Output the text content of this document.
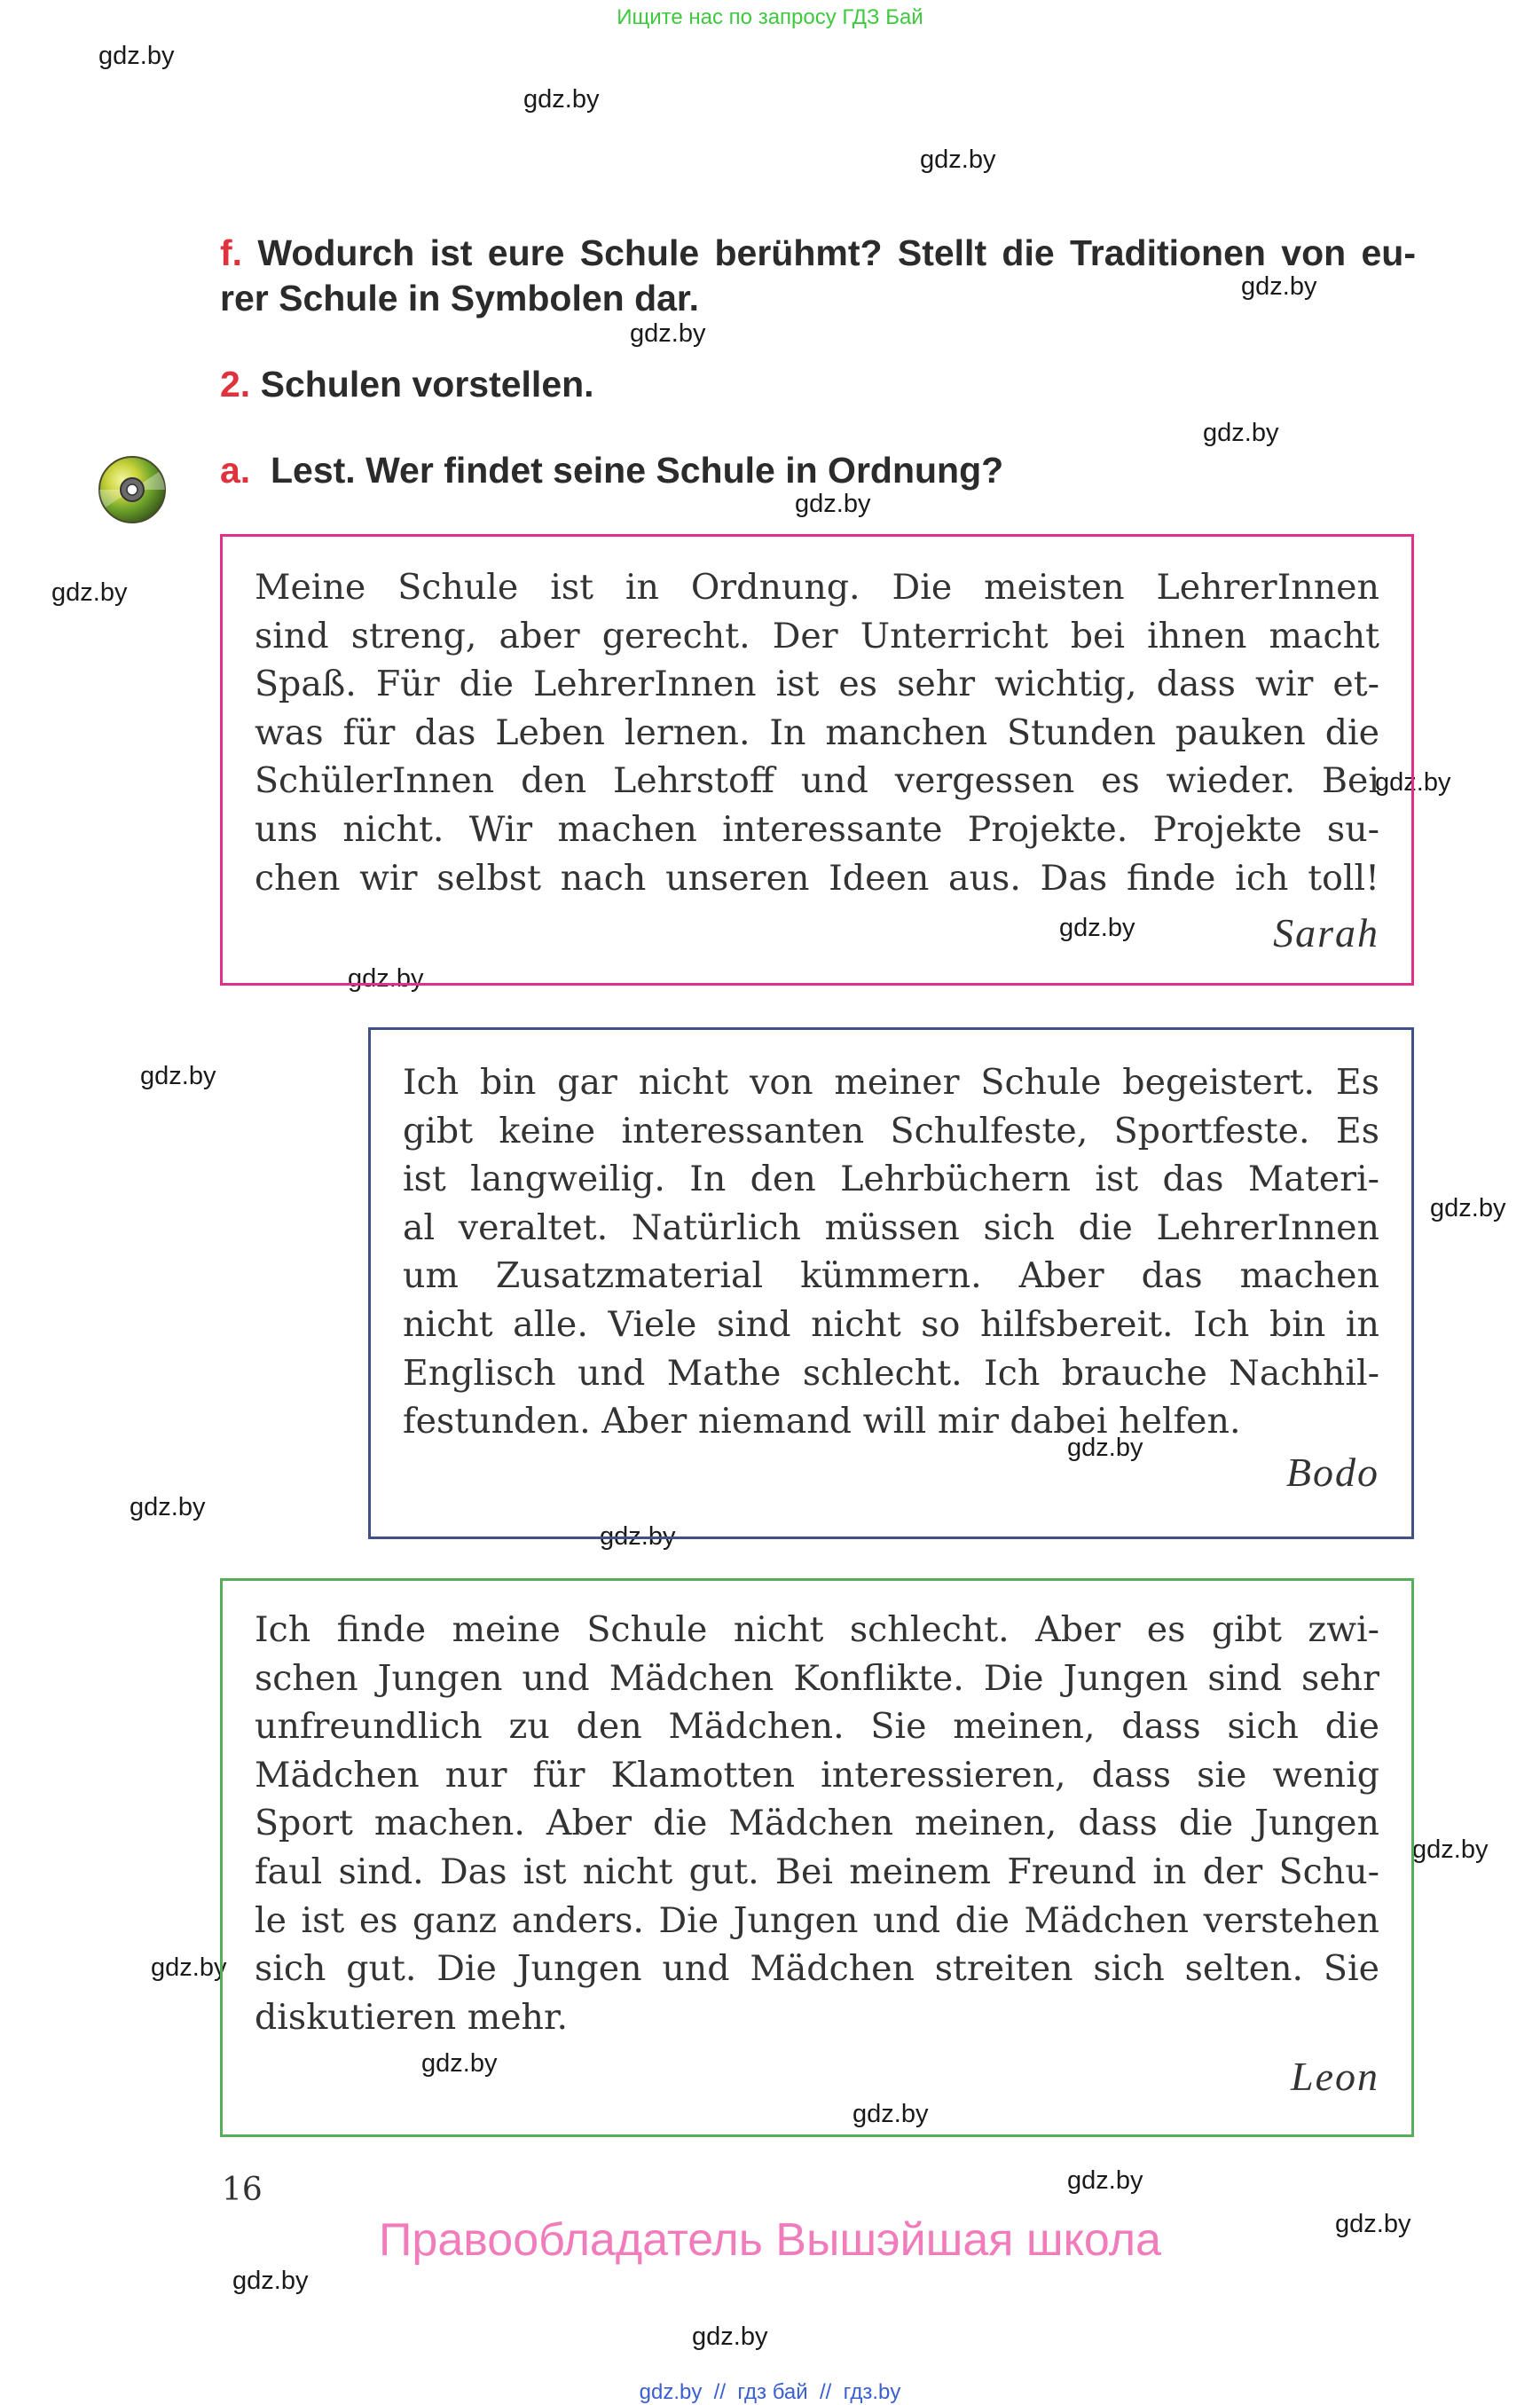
Ищите нас по запросу ГДЗ Бай
gdz.by
gdz.by
gdz.by
gdz.by
gdz.by
gdz.by
gdz.by
gdz.by
gdz.by
gdz.by
gdz.by
gdz.by
gdz.by
gdz.by
gdz.by
gdz.by
gdz.by
gdz.by
gdz.by
gdz.by
gdz.by
gdz.by
gdz.by
gdz.by
f. Wodurch ist eure Schule berühmt? Stellt die Traditionen von eu-
rer Schule in Symbolen dar.
2. Schulen vorstellen.
a. Lest. Wer findet seine Schule in Ordnung?
Meine Schule ist in Ordnung. Die meisten LehrerInnen
sind streng, aber gerecht. Der Unterricht bei ihnen macht
Spaß. Für die LehrerInnen ist es sehr wichtig, dass wir et-
was für das Leben lernen. In manchen Stunden pauken die
SchülerInnen den Lehrstoff und vergessen es wieder. Bei
uns nicht. Wir machen interessante Projekte. Projekte su-
chen wir selbst nach unseren Ideen aus. Das finde ich toll!
Sarah
Ich bin gar nicht von meiner Schule begeistert. Es
gibt keine interessanten Schulfeste, Sportfeste. Es
ist langweilig. In den Lehrbüchern ist das Materi-
al veraltet. Natürlich müssen sich die LehrerInnen
um Zusatzmaterial kümmern. Aber das machen
nicht alle. Viele sind nicht so hilfsbereit. Ich bin in
Englisch und Mathe schlecht. Ich brauche Nachhil-
festunden. Aber niemand will mir dabei helfen.
Bodo
Ich finde meine Schule nicht schlecht. Aber es gibt zwi-
schen Jungen und Mädchen Konflikte. Die Jungen sind sehr
unfreundlich zu den Mädchen. Sie meinen, dass sich die
Mädchen nur für Klamotten interessieren, dass sie wenig
Sport machen. Aber die Mädchen meinen, dass die Jungen
faul sind. Das ist nicht gut. Bei meinem Freund in der Schu-
le ist es ganz anders. Die Jungen und die Mädchen verstehen
sich gut. Die Jungen und Mädchen streiten sich selten. Sie
diskutieren mehr.
Leon
16
Правообладатель Вышэйшая школа
gdz.by  //  гдз бай  //  гдз.by
